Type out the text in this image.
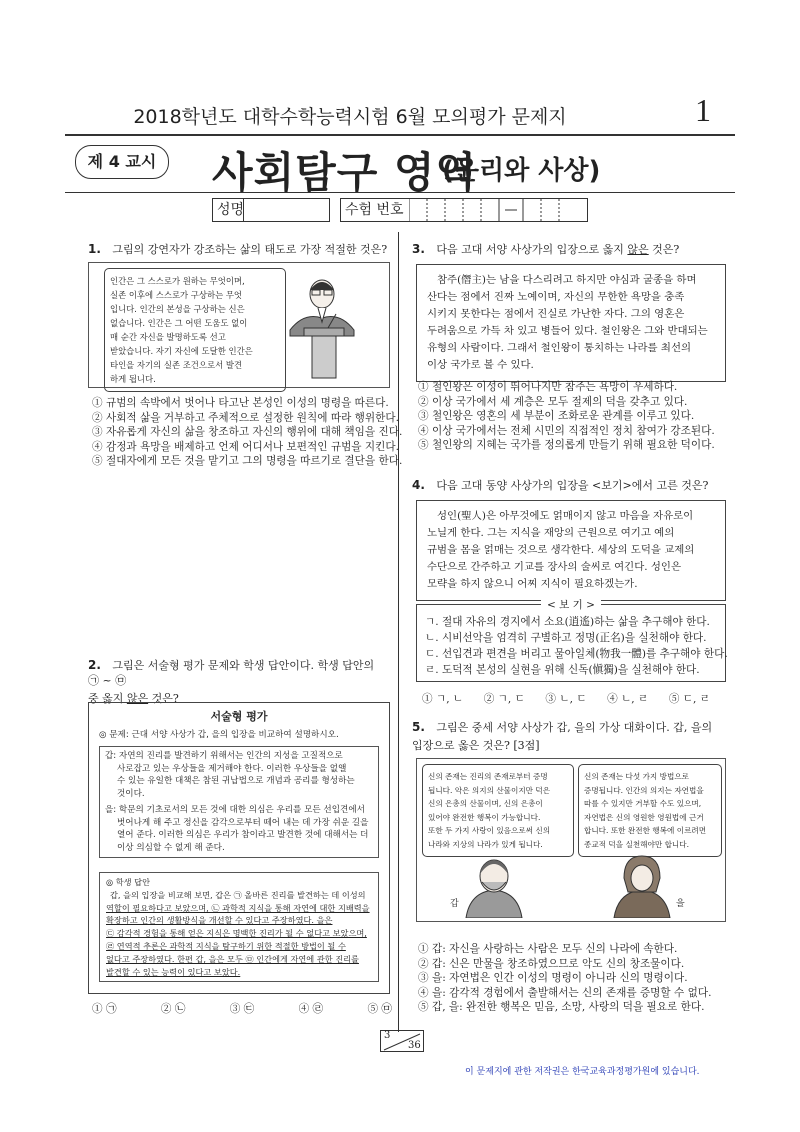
2018학년도 대학수학능력시험 6월 모의평가 문제지	1
제 4 교시	사회탐구 영역
(윤리와 사상)
성명	수험 번호
1. 그림의 강연자가 강조하는 삶의 태도로 가장 적절한 것은?
인간은 그 스스로가 원하는 무엇이며,
실존 이후에 스스로가 구상하는 무엇
입니다. 인간의 본성을 구상하는 신은
없습니다. 인간은 그 어떤 도움도 없이
매 순간 자신을 발명하도록 선고
받았습니다. 자기 자신에 도달한 인간은
타인을 자기의 실존 조건으로서 발견
하게 됩니다.
① 규범의 속박에서 벗어나 타고난 본성인 이성의 명령을 따른다.
② 사회적 삶을 거부하고 주체적으로 설정한 원칙에 따라 행위한다.
③ 자유롭게 자신의 삶을 창조하고 자신의 행위에 대해 책임을 진다.
④ 감정과 욕망을 배제하고 언제 어디서나 보편적인 규범을 지킨다.
⑤ 절대자에게 모든 것을 맡기고 그의 명령을 따르기로 결단을 한다.
2. 그림은 서술형 평가 문제와 학생 답안이다. 학생 답안의 ㉠ ~ ㉤
중 옳지 않은 것은?
서술형 평가
◎ 문제: 근대 서양 사상가 갑, 을의 입장을 비교하여 설명하시오.
갑: 자연의 진리를 발견하기 위해서는 인간의 지성을 고질적으로
사로잡고 있는 우상들을 제거해야 한다. 이러한 우상들을 없앨
수 있는 유일한 대책은 참된 귀납법으로 개념과 공리를 형성하는
것이다.
을: 학문의 기초로서의 모든 것에 대한 의심은 우리를 모든 선입견에서
벗어나게 해 주고 정신을 감각으로부터 떼어 내는 데 가장 쉬운 길을
열어 준다. 이러한 의심은 우리가 참이라고 발견한 것에 대해서는 더
이상 의심할 수 없게 해 준다.
◎ 학생 답안
갑, 을의 입장을 비교해 보면, 갑은 ㉠ 올바른 진리를 발견하는 데 이성의
역할이 필요하다고 보았으며, ㉡ 과학적 지식을 통해 자연에 대한 지배력을
확장하고 인간의 생활방식을 개선할 수 있다고 주장하였다. 을은
㉢ 감각적 경험을 통해 얻은 지식은 명백한 진리가 될 수 없다고 보았으며,
㉣ 연역적 추론은 과학적 지식을 탐구하기 위한 적절한 방법이 될 수
없다고 주장하였다. 한편 갑, 을은 모두 ㉤ 인간에게 자연에 관한 진리를
발견할 수 있는 능력이 있다고 보았다.
① ㉠	② ㉡	③ ㉢	④ ㉣	⑤ ㉤
3. 다음 고대 서양 사상가의 입장으로 옳지 않은 것은?
참주(僭主)는 남을 다스리려고 하지만 야심과 굴종을 하며
산다는 점에서 진짜 노예이며, 자신의 무한한 욕망을 충족
시키지 못한다는 점에서 진실로 가난한 자다. 그의 영혼은
두려움으로 가득 차 있고 병들어 있다. 철인왕은 그와 반대되는
유형의 사람이다. 그래서 철인왕이 통치하는 나라를 최선의
이상 국가로 볼 수 있다.
① 철인왕은 이성이 뛰어나지만 참주는 욕망이 우세하다.
② 이상 국가에서 세 계층은 모두 절제의 덕을 갖추고 있다.
③ 철인왕은 영혼의 세 부분이 조화로운 관계를 이루고 있다.
④ 이상 국가에서는 전체 시민의 직접적인 정치 참여가 강조된다.
⑤ 철인왕의 지혜는 국가를 정의롭게 만들기 위해 필요한 덕이다.
4. 다음 고대 동양 사상가의 입장을 <보기>에서 고른 것은?
성인(聖人)은 아무것에도 얽매이지 않고 마음을 자유로이
노닐게 한다. 그는 지식을 재앙의 근원으로 여기고 예의
규범을 몸을 얽매는 것으로 생각한다. 세상의 도덕을 교제의
수단으로 간주하고 기교를 장사의 술씨로 여긴다. 성인은
모략을 하지 않으니 어찌 지식이 필요하겠는가.
< 보 기 >
ㄱ. 절대 자유의 경지에서 소요(逍遙)하는 삶을 추구해야 한다.
ㄴ. 시비선악을 엄격히 구별하고 정명(正名)을 실천해야 한다.
ㄷ. 선입견과 편견을 버리고 물아일체(物我一體)를 추구해야 한다.
ㄹ. 도덕적 본성의 실현을 위해 신독(愼獨)을 실천해야 한다.
① ㄱ, ㄴ ② ㄱ, ㄷ ③ ㄴ, ㄷ ④ ㄴ, ㄹ ⑤ ㄷ, ㄹ
5. 그림은 중세 서양 사상가 갑, 을의 가상 대화이다. 갑, 을의
입장으로 옳은 것은? [3점]
신의 존재는 진리의 존재로부터 증명
됩니다. 악은 의지의 산물이지만 덕은
신의 은총의 산물이며, 신의 은총이
있어야 완전한 행복이 가능합니다.
또한 두 가지 사랑이 있음으로써 신의
나라와 지상의 나라가 있게 됩니다.
신의 존재는 다섯 가지 방법으로
증명됩니다. 인간의 의지는 자연법을
따를 수 있지만 거부할 수도 있으며,
자연법은 신의 영원한 영원법에 근거
합니다. 또한 완전한 행복에 이르려면
종교적 덕을 실천해야만 합니다.
갑	을
① 갑: 자신을 사랑하는 사람은 모두 신의 나라에 속한다.
② 갑: 신은 만물을 창조하였으므로 악도 신의 창조물이다.
③ 을: 자연법은 인간 이성의 명령이 아니라 신의 명령이다.
④ 을: 감각적 경험에서 출발해서는 신의 존재를 증명할 수 없다.
⑤ 갑, 을: 완전한 행복은 믿음, 소망, 사랑의 덕을 필요로 한다.
3
36
이 문제지에 관한 저작권은 한국교육과정평가원에 있습니다.
